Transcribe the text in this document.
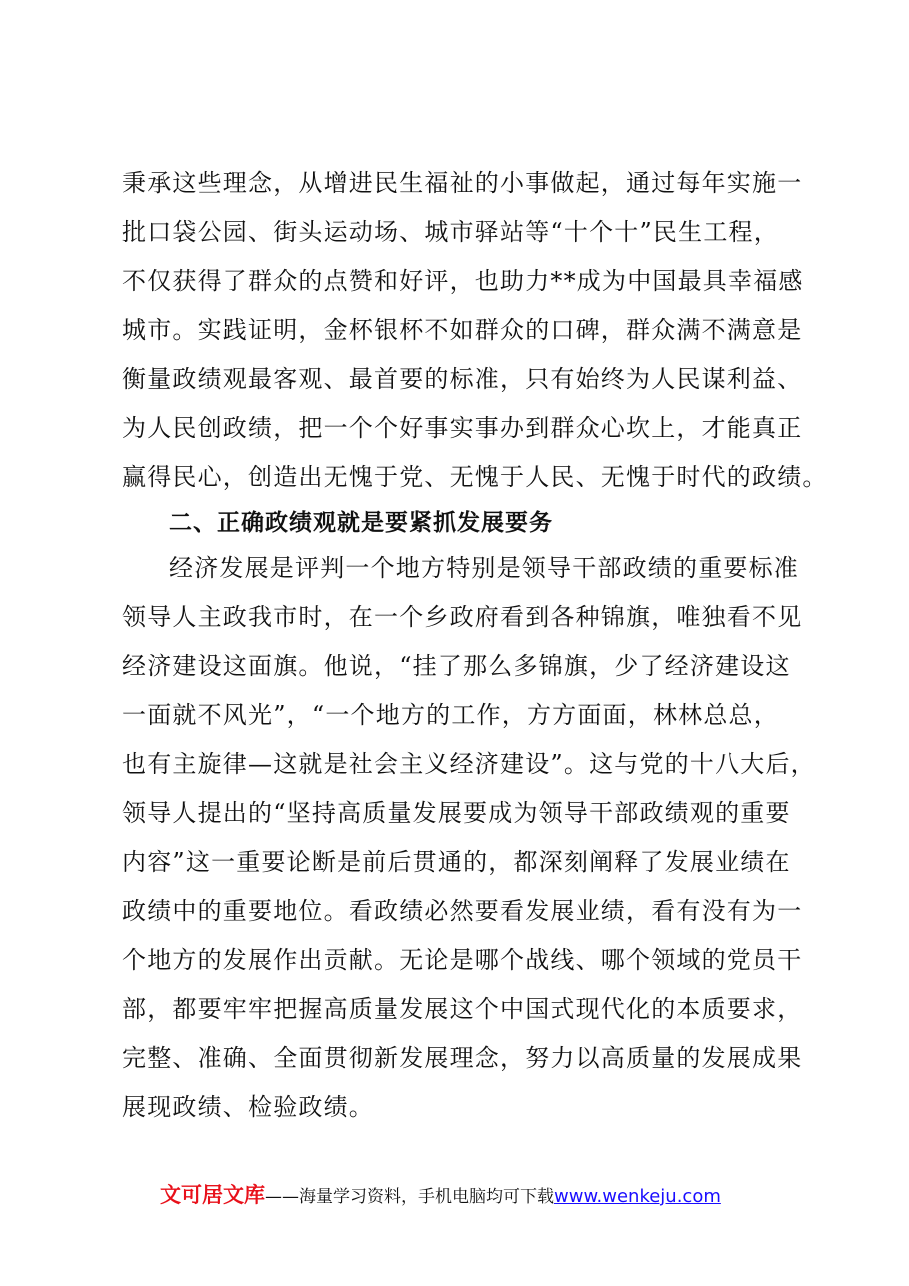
秉承这些理念，从增进民生福祉的小事做起，通过每年实施一
批口袋公园、街头运动场、城市驿站等“十个十”民生工程，
不仅获得了群众的点赞和好评，也助力**成为中国最具幸福感
城市。实践证明，金杯银杯不如群众的口碑，群众满不满意是
衡量政绩观最客观、最首要的标准，只有始终为人民谋利益、
为人民创政绩，把一个个好事实事办到群众心坎上，才能真正
赢得民心，创造出无愧于党、无愧于人民、无愧于时代的政绩。
二、正确政绩观就是要紧抓发展要务
经济发展是评判一个地方特别是领导干部政绩的重要标准
领导人主政我市时，在一个乡政府看到各种锦旗，唯独看不见
经济建设这面旗。他说，“挂了那么多锦旗，少了经济建设这
一面就不风光”，“一个地方的工作，方方面面，林林总总，
也有主旋律—这就是社会主义经济建设”。这与党的十八大后，
领导人提出的“坚持高质量发展要成为领导干部政绩观的重要
内容”这一重要论断是前后贯通的，都深刻阐释了发展业绩在
政绩中的重要地位。看政绩必然要看发展业绩，看有没有为一
个地方的发展作出贡献。无论是哪个战线、哪个领域的党员干
部，都要牢牢把握高质量发展这个中国式现代化的本质要求，
完整、准确、全面贯彻新发展理念，努力以高质量的发展成果
展现政绩、检验政绩。
文可居文库——海量学习资料，手机电脑均可下载www.wenkeju.com
